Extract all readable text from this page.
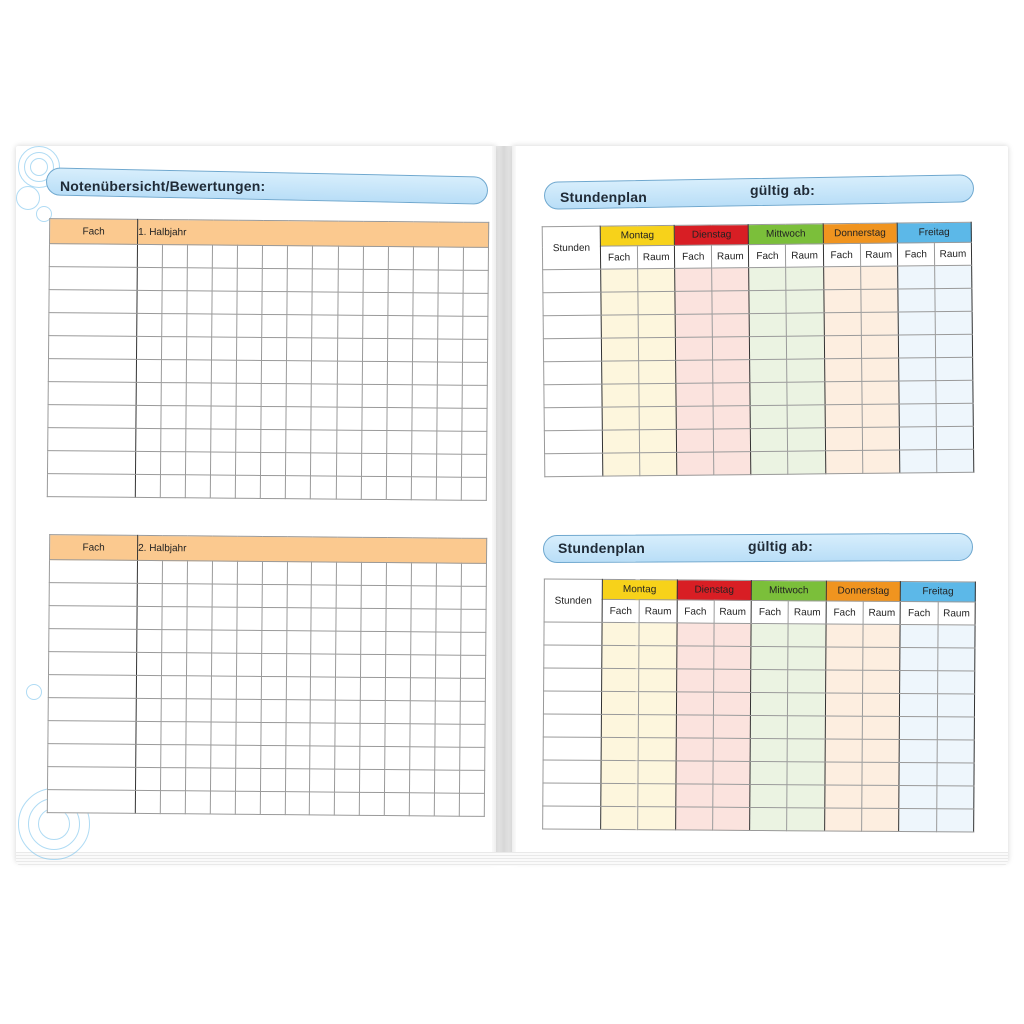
Notenübersicht/Bewertungen:
Fach	1. Halbjahr													

Fach	2. Halbjahr													

Stundenplan	gültig ab:
Stunden	Montag		Dienstag		Mittwoch		Donnerstag		Freitag	
	Fach	Raum	Fach	Raum	Fach	Raum	Fach	Raum	Fach	Raum

Stundenplan	gültig ab:
Stunden	Montag		Dienstag		Mittwoch		Donnerstag		Freitag	
	Fach	Raum	Fach	Raum	Fach	Raum	Fach	Raum	Fach	Raum
